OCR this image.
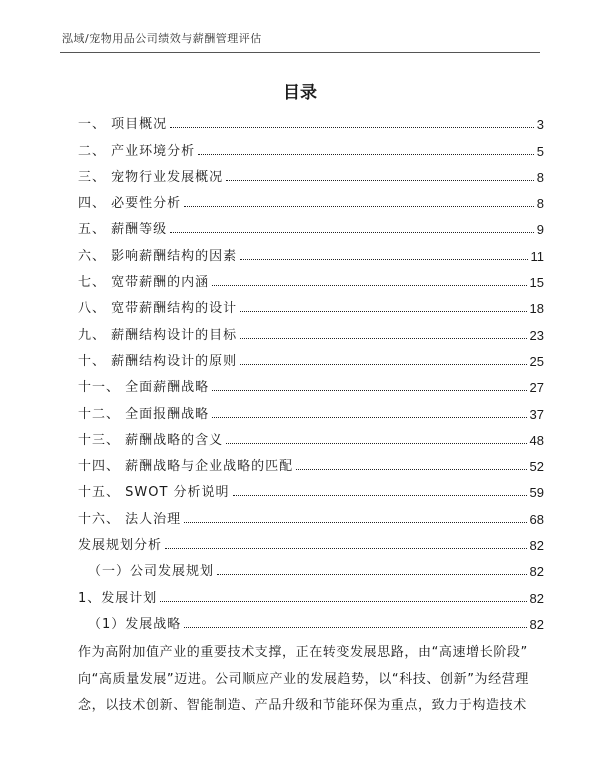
泓域/宠物用品公司绩效与薪酬管理评估
目录
一、 项目概况	3
二、 产业环境分析	5
三、 宠物行业发展概况	8
四、 必要性分析	8
五、 薪酬等级	9
六、 影响薪酬结构的因素	11
七、 宽带薪酬的内涵	15
八、 宽带薪酬结构的设计	18
九、 薪酬结构设计的目标	23
十、 薪酬结构设计的原则	25
十一、 全面薪酬战略	27
十二、 全面报酬战略	37
十三、 薪酬战略的含义	48
十四、 薪酬战略与企业战略的匹配	52
十五、 SWOT 分析说明	59
十六、 法人治理	68
发展规划分析	82
（一）公司发展规划	82
1、发展计划	82
（1）发展战略	82
作为高附加值产业的重要技术支撑，正在转变发展思路，由“高速增长阶段”
向“高质量发展”迈进。公司顺应产业的发展趋势，以“科技、创新”为经营理
念，以技术创新、智能制造、产品升级和节能环保为重点，致力于构造技术
